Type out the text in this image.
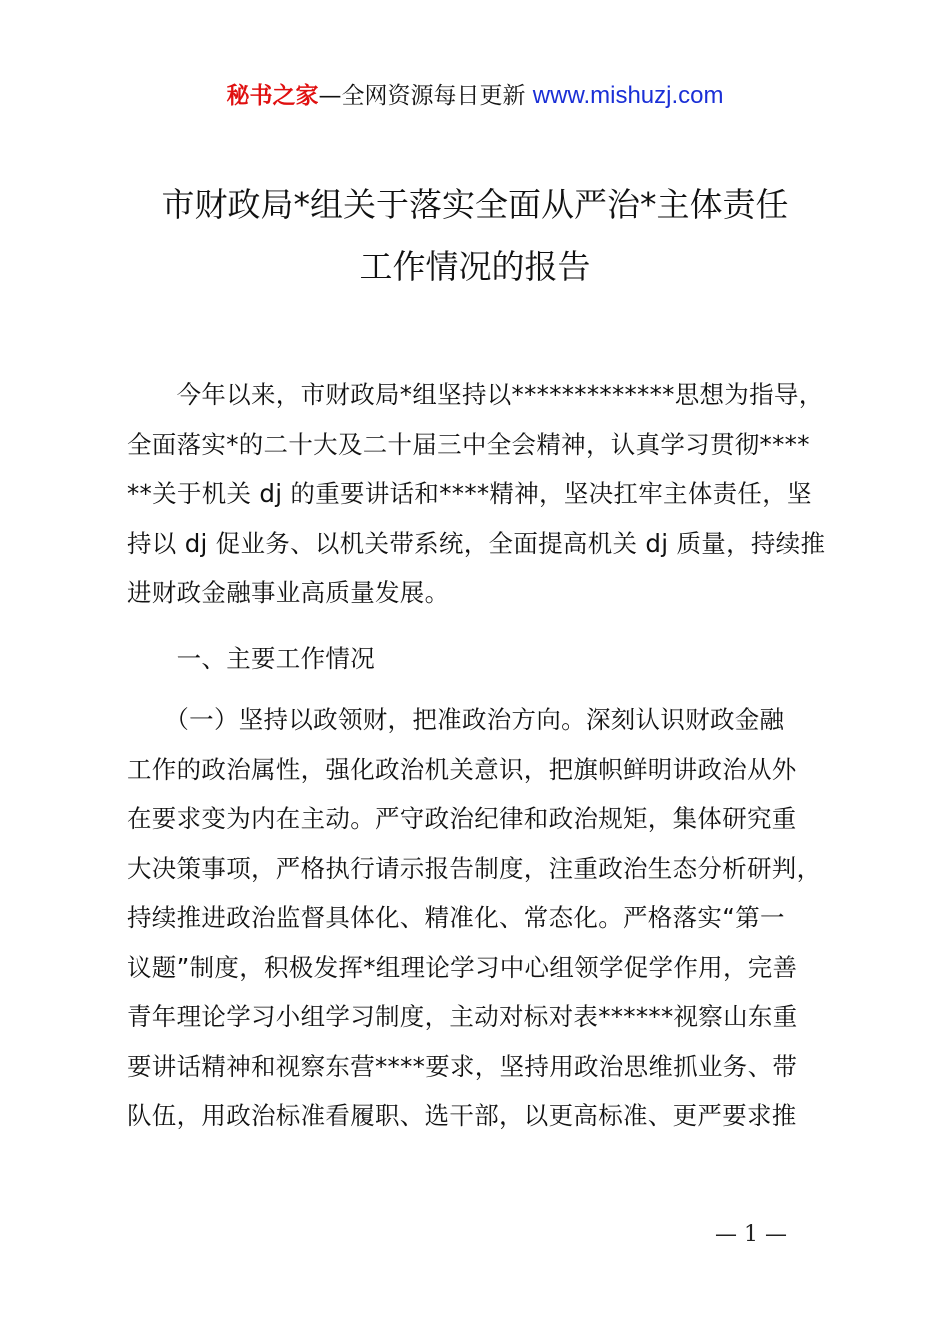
秘书之家—全网资源每日更新 www.mishuzj.com
市财政局*组关于落实全面从严治*主体责任
工作情况的报告

　　今年以来，市财政局*组坚持以*************思想为指导，

全面落实*的二十大及二十届三中全会精神，认真学习贯彻****

**关于机关 dj 的重要讲话和****精神，坚决扛牢主体责任，坚

持以 dj 促业务、以机关带系统，全面提高机关 dj 质量，持续推

进财政金融事业高质量发展。

　　一、主要工作情况

　　（一）坚持以政领财，把准政治方向。深刻认识财政金融

工作的政治属性，强化政治机关意识，把旗帜鲜明讲政治从外

在要求变为内在主动。严守政治纪律和政治规矩，集体研究重

大决策事项，严格执行请示报告制度，注重政治生态分析研判，

持续推进政治监督具体化、精准化、常态化。严格落实“第一

议题”制度，积极发挥*组理论学习中心组领学促学作用，完善

青年理论学习小组学习制度，主动对标对表******视察山东重

要讲话精神和视察东营****要求，坚持用政治思维抓业务、带

队伍，用政治标准看履职、选干部，以更高标准、更严要求推

— 1 —
